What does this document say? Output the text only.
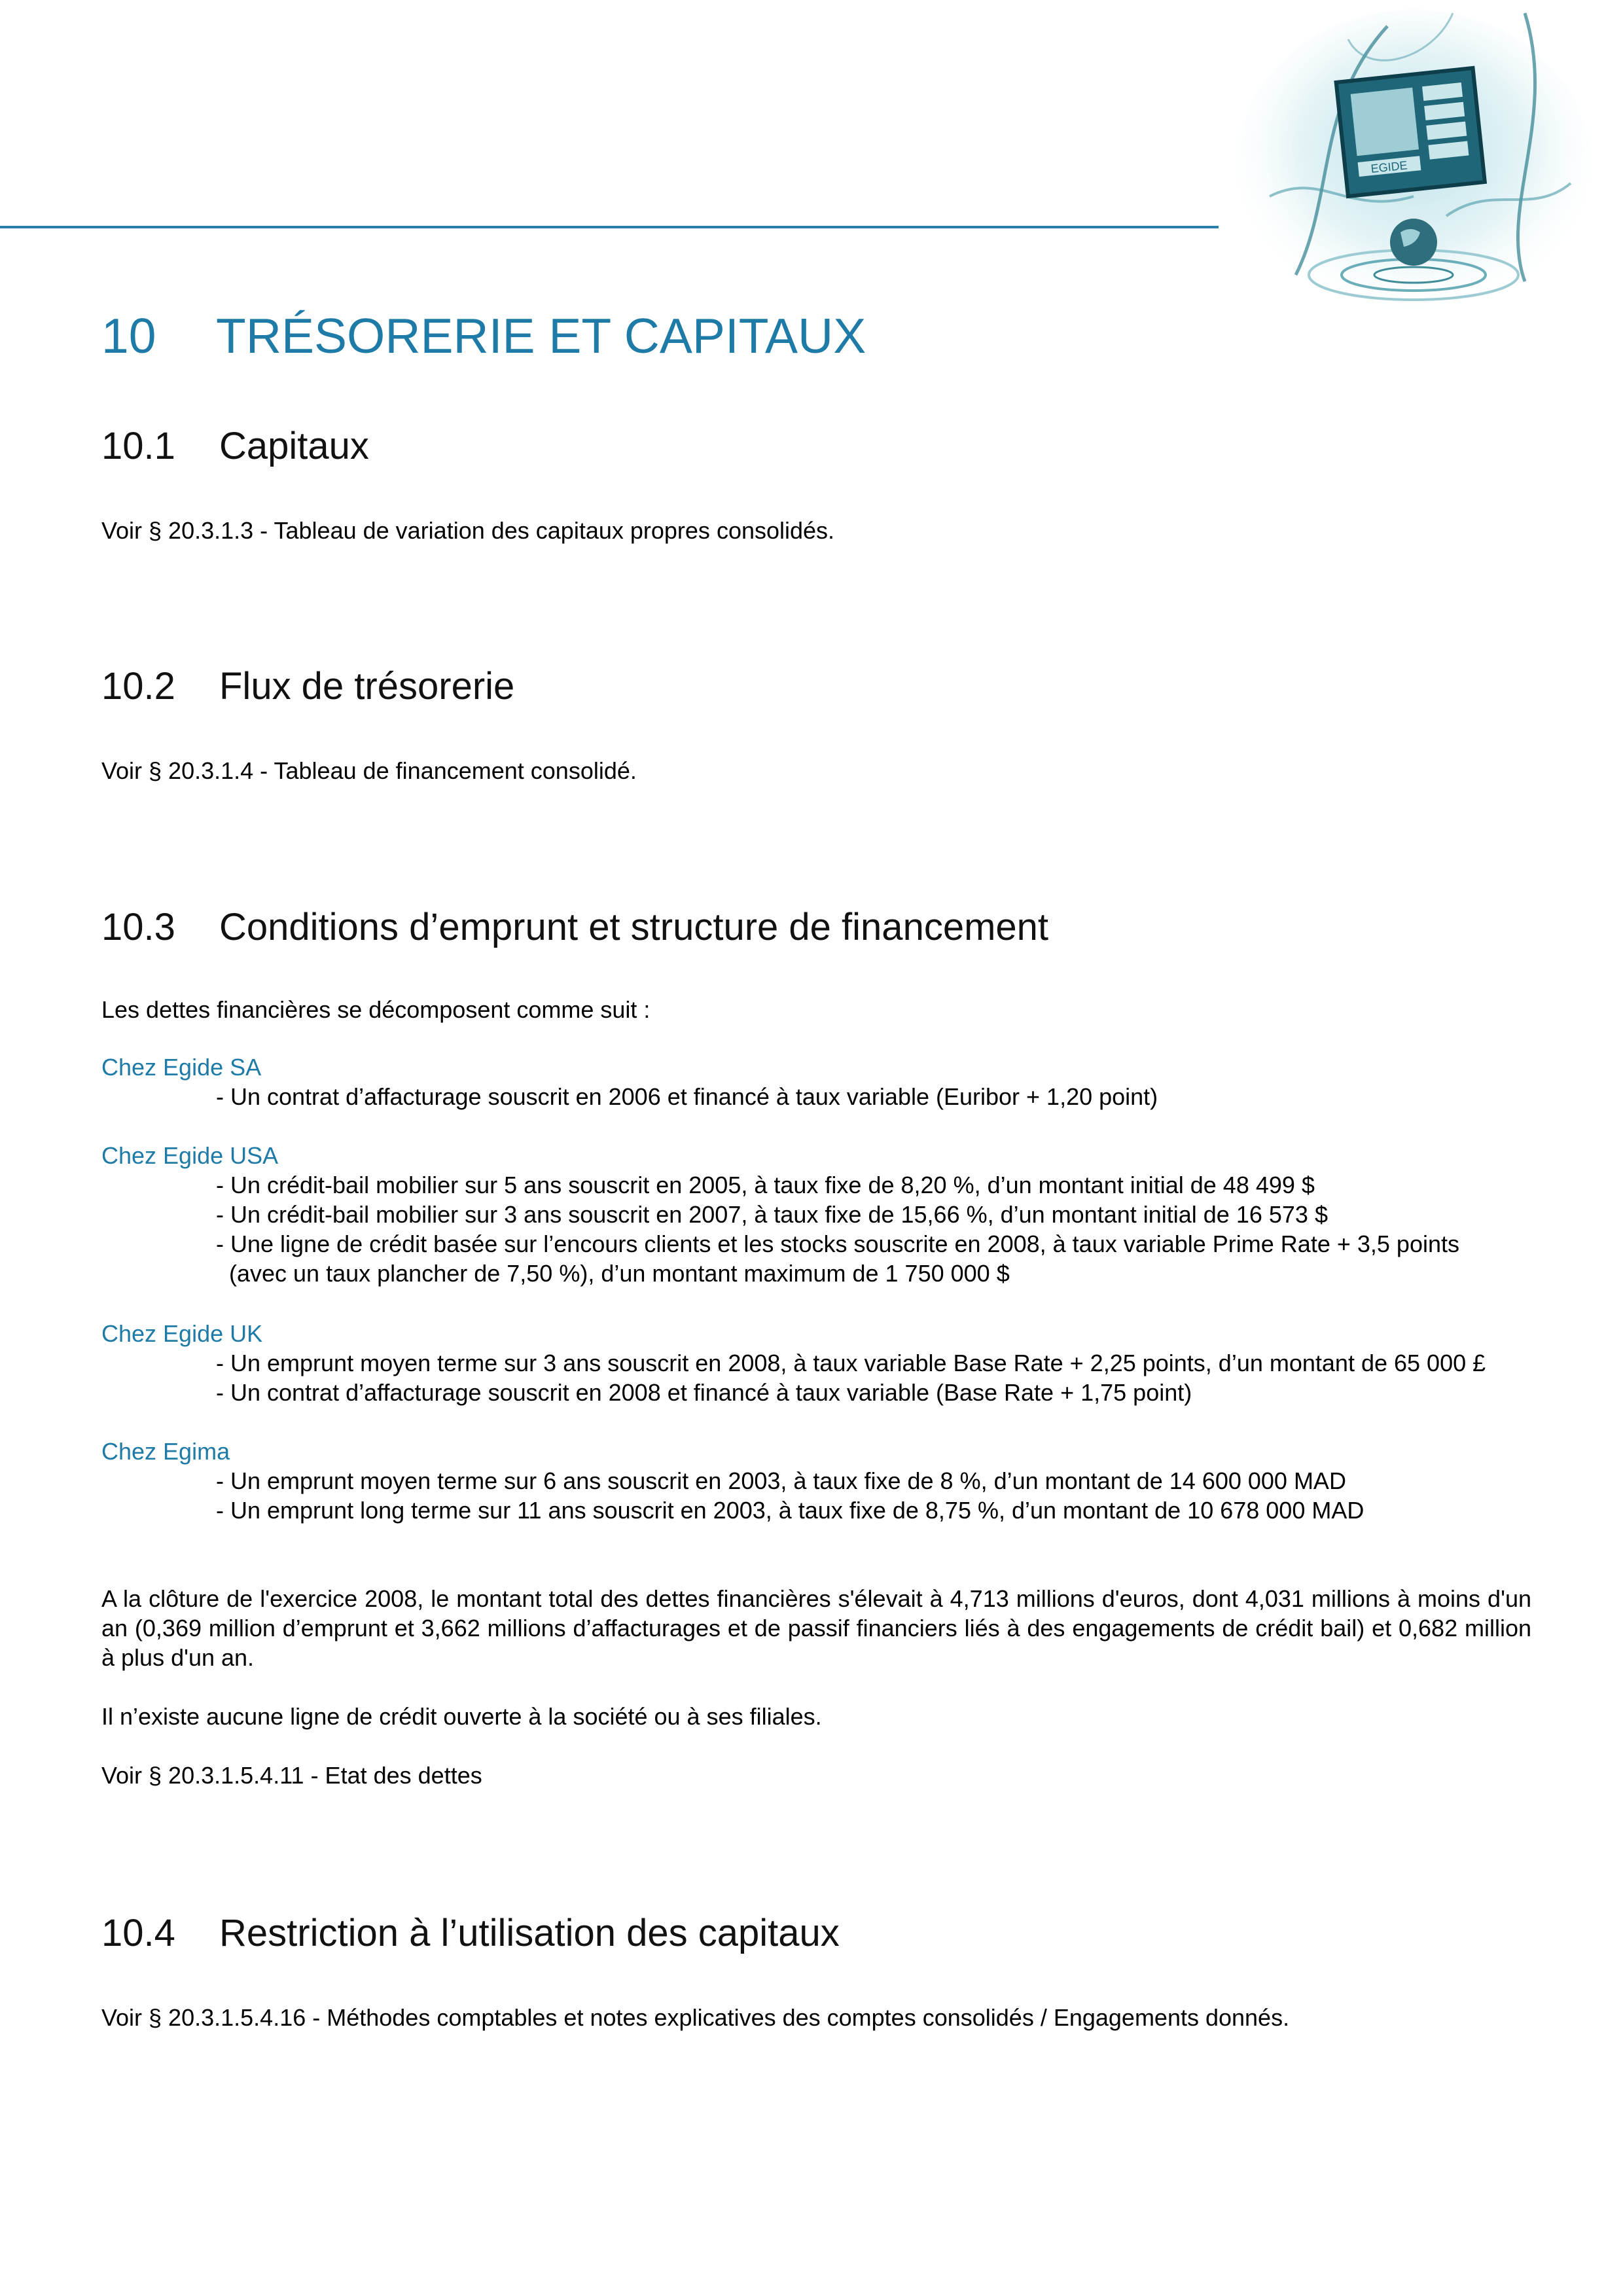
EGIDE
10 TRÉSORERIE ET CAPITAUX
10.1 Capitaux
Voir § 20.3.1.3 - Tableau de variation des capitaux propres consolidés.
10.2 Flux de trésorerie
Voir § 20.3.1.4 - Tableau de financement consolidé.
10.3 Conditions d’emprunt et structure de financement
Les dettes financières se décomposent comme suit :
Chez Egide SA
- Un contrat d’affacturage souscrit en 2006 et financé à taux variable (Euribor + 1,20 point)
Chez Egide USA
- Un crédit-bail mobilier sur 5 ans souscrit en 2005, à taux fixe de 8,20 %, d’un montant initial de 48 499 $
- Un crédit-bail mobilier sur 3 ans souscrit en 2007, à taux fixe de 15,66 %, d’un montant initial de 16 573 $
- Une ligne de crédit basée sur l’encours clients et les stocks souscrite en 2008, à taux variable Prime Rate + 3,5 points
(avec un taux plancher de 7,50 %), d’un montant maximum de 1 750 000 $
Chez Egide UK
- Un emprunt moyen terme sur 3 ans souscrit en 2008, à taux variable Base Rate + 2,25 points, d’un montant de 65 000 £
- Un contrat d’affacturage souscrit en 2008 et financé à taux variable (Base Rate + 1,75 point)
Chez Egima
- Un emprunt moyen terme sur 6 ans souscrit en 2003, à taux fixe de 8 %, d’un montant de 14 600 000 MAD
- Un emprunt long terme sur 11 ans souscrit en 2003, à taux fixe de 8,75 %, d’un montant de 10 678 000 MAD
A la clôture de l'exercice 2008, le montant total des dettes financières s'élevait à 4,713 millions d'euros, dont 4,031 millions à moins d'un an (0,369 million d’emprunt et 3,662 millions d’affacturages et de passif financiers liés à des engagements de crédit bail) et 0,682 million à plus d'un an.
Il n’existe aucune ligne de crédit ouverte à la société ou à ses filiales.
Voir § 20.3.1.5.4.11 - Etat des dettes
10.4 Restriction à l’utilisation des capitaux
Voir § 20.3.1.5.4.16 - Méthodes comptables et notes explicatives des comptes consolidés / Engagements donnés.
